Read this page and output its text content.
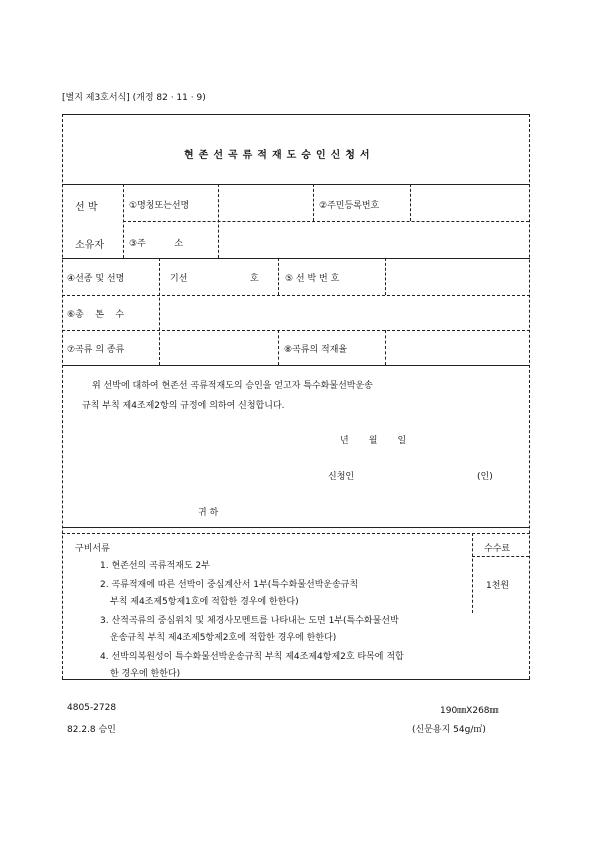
[별지 제3호서식] (개정 82 · 11 · 9)
현존선곡류적재도승인신청서
선 박	①명칭또는선명	②주민등록번호
소유자	③주          소
④선종 및 선명	기선	호	⑤ 선 박 번 호
⑥총    톤    수
⑦곡류 의 종류	⑧곡류의 적재율
위 선박에 대하여 현존선 곡류적재도의 승인을 얻고자 특수화물선박운송
규칙 부칙 제4조제2항의 규정에 의하여 신청합니다.
년       월       일
신청인	(인)
귀 하
구비서류	수수료
1천원
1. 현존선의 곡류적재도 2부
2. 곡류적재에 따른 선박이 중심계산서 1부(특수화물선박운송규칙
부칙 제4조제5항제1호에 적합한 경우에 한한다)
3. 산적곡류의 중심위치 및 체경사모멘트를 나타내는 도면 1부(특수화물선박
운송규칙 부칙 제4조제5항제2호에 적합한 경우에 한한다)
4. 선박의복원성이 특수화물선박운송규칙 부칙 제4조제4항제2호 타목에 적합
한 경우에 한한다)
4805-2728	190㎜X268㎜
82.2.8 승인	(신문용지 54g/㎡)
